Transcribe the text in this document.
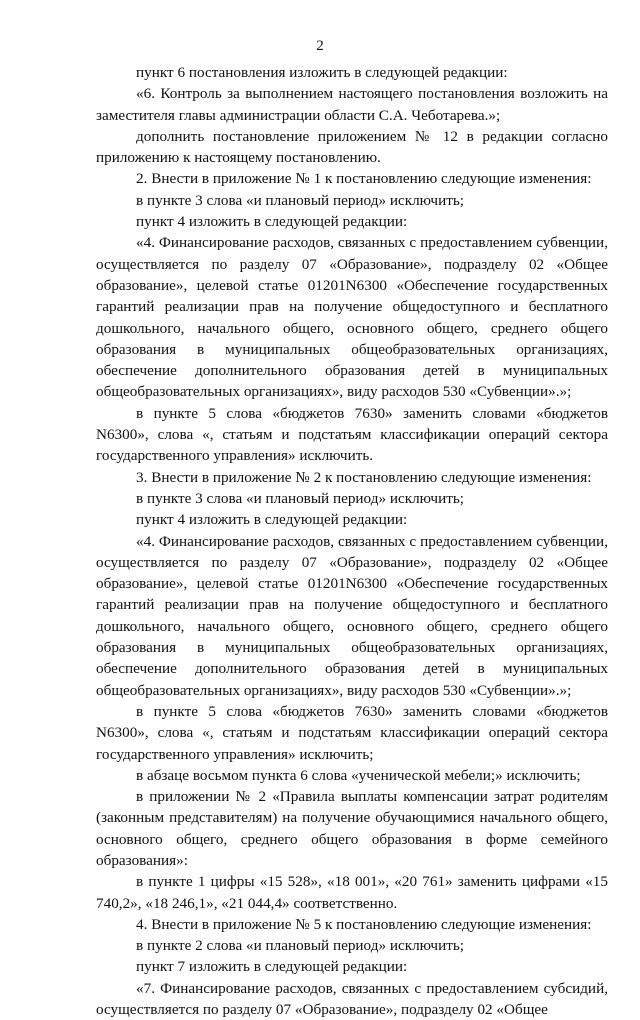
2

пункт 6 постановления изложить в следующей редакции:

«6. Контроль за выполнением настоящего постановления возложить на заместителя главы администрации области С.А. Чеботарева.»;

дополнить постановление приложением № 12 в редакции согласно приложению к настоящему постановлению.

2. Внести в приложение № 1 к постановлению следующие изменения:

в пункте 3 слова «и плановый период» исключить;

пункт 4 изложить в следующей редакции:

«4. Финансирование расходов, связанных с предоставлением субвенции, осуществляется по разделу 07 «Образование», подразделу 02 «Общее образование», целевой статье 01201N6300 «Обеспечение государственных гарантий реализации прав на получение общедоступного и бесплатного дошкольного, начального общего, основного общего, среднего общего образования в муниципальных общеобразовательных организациях, обеспечение дополнительного образования детей в муниципальных общеобразовательных организациях», виду расходов 530 «Субвенции».»;

в пункте 5 слова «бюджетов 7630» заменить словами «бюджетов N6300», слова «, статьям и подстатьям классификации операций сектора государственного управления» исключить.

3. Внести в приложение № 2 к постановлению следующие изменения:

в пункте 3 слова «и плановый период» исключить;

пункт 4 изложить в следующей редакции:

«4. Финансирование расходов, связанных с предоставлением субвенции, осуществляется по разделу 07 «Образование», подразделу 02 «Общее образование», целевой статье 01201N6300 «Обеспечение государственных гарантий реализации прав на получение общедоступного и бесплатного дошкольного, начального общего, основного общего, среднего общего образования в муниципальных общеобразовательных организациях, обеспечение дополнительного образования детей в муниципальных общеобразовательных организациях», виду расходов 530 «Субвенции».»;

в пункте 5 слова «бюджетов 7630» заменить словами «бюджетов N6300», слова «, статьям и подстатьям классификации операций сектора государственного управления» исключить;

в абзаце восьмом пункта 6 слова «ученической мебели;» исключить;

в приложении № 2 «Правила выплаты компенсации затрат родителям (законным представителям) на получение обучающимися начального общего, основного общего, среднего общего образования в форме семейного образования»:

в пункте 1 цифры «15 528», «18 001», «20 761» заменить цифрами «15 740,2», «18 246,1», «21 044,4» соответственно.

4. Внести в приложение № 5 к постановлению следующие изменения:

в пункте 2 слова «и плановый период» исключить;

пункт 7 изложить в следующей редакции:

«7. Финансирование расходов, связанных с предоставлением субсидий, осуществляется по разделу 07 «Образование», подразделу 02 «Общее
